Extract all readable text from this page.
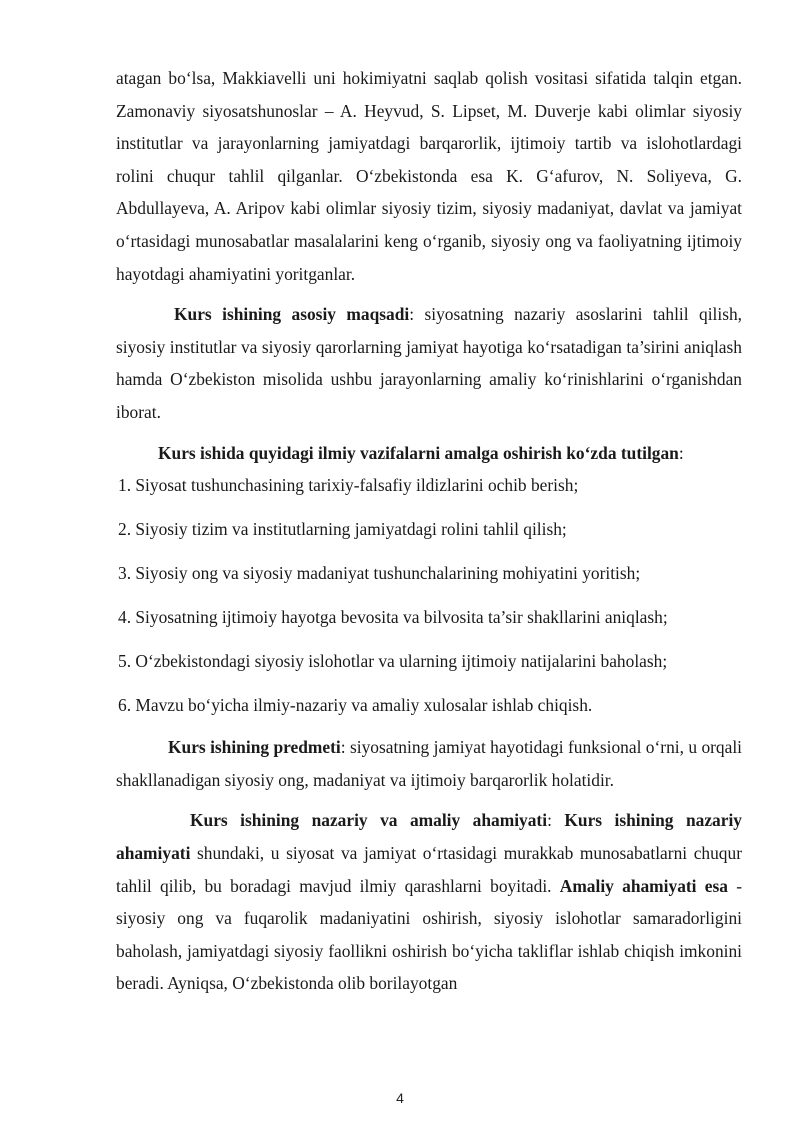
atagan bo‘lsa, Makkiavelli uni hokimiyatni saqlab qolish vositasi sifatida talqin etgan. Zamonaviy siyosatshunoslar – A. Heyvud, S. Lipset, M. Duverje kabi olimlar siyosiy institutlar va jarayonlarning jamiyatdagi barqarorlik, ijtimoiy tartib va islohotlardagi rolini chuqur tahlil qilganlar. O‘zbekistonda esa K. G‘afurov, N. Soliyeva, G. Abdullayeva, A. Aripov kabi olimlar siyosiy tizim, siyosiy madaniyat, davlat va jamiyat o‘rtasidagi munosabatlar masalalarini keng o‘rganib, siyosiy ong va faoliyatning ijtimoiy hayotdagi ahamiyatini yoritganlar.

Kurs ishining asosiy maqsadi: siyosatning nazariy asoslarini tahlil qilish, siyosiy institutlar va siyosiy qarorlarning jamiyat hayotiga ko‘rsatadigan ta’sirini aniqlash hamda O‘zbekiston misolida ushbu jarayonlarning amaliy ko‘rinishlarini o‘rganishdan iborat.

Kurs ishida quyidagi ilmiy vazifalarni amalga oshirish ko‘zda tutilgan:

1. Siyosat tushunchasining tarixiy-falsafiy ildizlarini ochib berish;
2. Siyosiy tizim va institutlarning jamiyatdagi rolini tahlil qilish;
3. Siyosiy ong va siyosiy madaniyat tushunchalarining mohiyatini yoritish;
4. Siyosatning ijtimoiy hayotga bevosita va bilvosita ta’sir shakllarini aniqlash;
5. O‘zbekistondagi siyosiy islohotlar va ularning ijtimoiy natijalarini baholash;
6. Mavzu bo‘yicha ilmiy-nazariy va amaliy xulosalar ishlab chiqish.

Kurs ishining predmeti: siyosatning jamiyat hayotidagi funksional o‘rni, u orqali shakllanadigan siyosiy ong, madaniyat va ijtimoiy barqarorlik holatidir.

Kurs ishining nazariy va amaliy ahamiyati: Kurs ishining nazariy ahamiyati shundaki, u siyosat va jamiyat o‘rtasidagi murakkab munosabatlarni chuqur tahlil qilib, bu boradagi mavjud ilmiy qarashlarni boyitadi. Amaliy ahamiyati esa - siyosiy ong va fuqarolik madaniyatini oshirish, siyosiy islohotlar samaradorligini baholash, jamiyatdagi siyosiy faollikni oshirish bo‘yicha takliflar ishlab chiqish imkonini beradi. Ayniqsa, O‘zbekistonda olib borilayotgan

4
